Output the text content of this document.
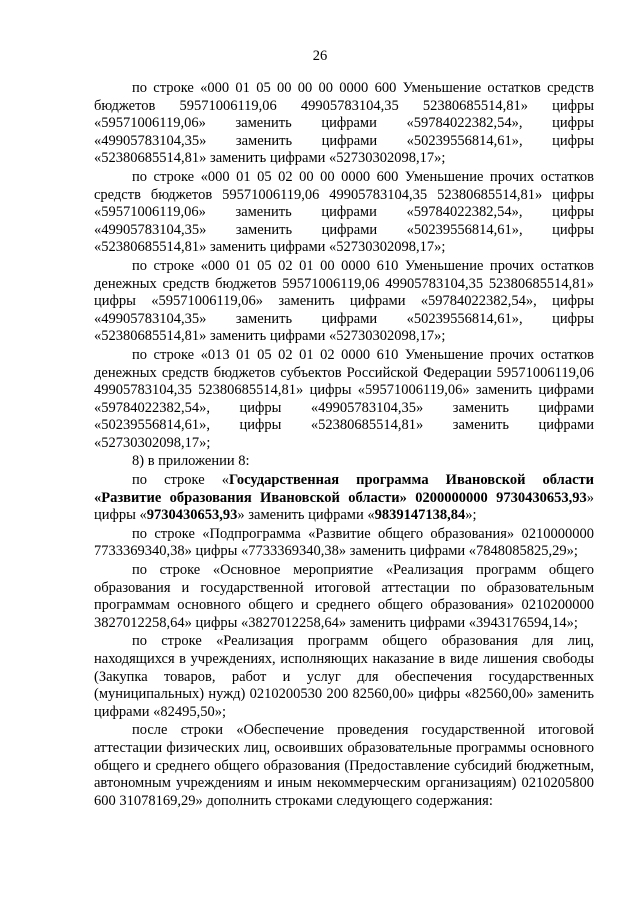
26

по строке «000 01 05 00 00 00 0000 600 Уменьшение остатков средств бюджетов 59571006119,06 49905783104,35 52380685514,81» цифры «59571006119,06» заменить цифрами «59784022382,54», цифры «49905783104,35» заменить цифрами «50239556814,61», цифры «52380685514,81» заменить цифрами «52730302098,17»;

по строке «000 01 05 02 00 00 0000 600 Уменьшение прочих остатков средств бюджетов 59571006119,06 49905783104,35 52380685514,81» цифры «59571006119,06» заменить цифрами «59784022382,54», цифры «49905783104,35» заменить цифрами «50239556814,61», цифры «52380685514,81» заменить цифрами «52730302098,17»;

по строке «000 01 05 02 01 00 0000 610 Уменьшение прочих остатков денежных средств бюджетов 59571006119,06 49905783104,35 52380685514,81» цифры «59571006119,06» заменить цифрами «59784022382,54», цифры «49905783104,35» заменить цифрами «50239556814,61», цифры «52380685514,81» заменить цифрами «52730302098,17»;

по строке «013 01 05 02 01 02 0000 610 Уменьшение прочих остатков денежных средств бюджетов субъектов Российской Федерации 59571006119,06 49905783104,35 52380685514,81» цифры «59571006119,06» заменить цифрами «59784022382,54», цифры «49905783104,35» заменить цифрами «50239556814,61», цифры «52380685514,81» заменить цифрами «52730302098,17»;

8) в приложении 8:

по строке «Государственная программа Ивановской области «Развитие образования Ивановской области» 0200000000 9730430653,93» цифры «9730430653,93» заменить цифрами «9839147138,84»;

по строке «Подпрограмма «Развитие общего образования» 0210000000 7733369340,38» цифры «7733369340,38» заменить цифрами «7848085825,29»;

по строке «Основное мероприятие «Реализация программ общего образования и государственной итоговой аттестации по образовательным программам основного общего и среднего общего образования» 0210200000 3827012258,64» цифры «3827012258,64» заменить цифрами «3943176594,14»;

по строке «Реализация программ общего образования для лиц, находящихся в учреждениях, исполняющих наказание в виде лишения свободы (Закупка товаров, работ и услуг для обеспечения государственных (муниципальных) нужд) 0210200530 200 82560,00» цифры «82560,00» заменить цифрами «82495,50»;

после строки «Обеспечение проведения государственной итоговой аттестации физических лиц, освоивших образовательные программы основного общего и среднего общего образования (Предоставление субсидий бюджетным, автономным учреждениям и иным некоммерческим организациям) 0210205800 600 31078169,29» дополнить строками следующего содержания:
